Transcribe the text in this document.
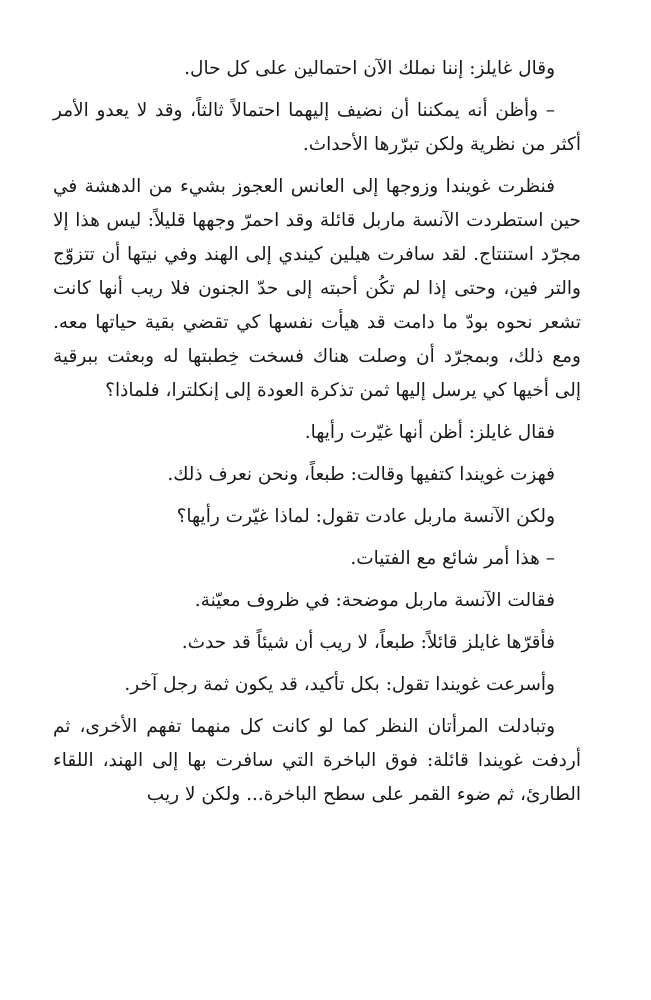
وقال غايلز: إننا نملك الآن احتمالين على كل حال.

– وأظن أنه يمكننا أن نضيف إليهما احتمالاً ثالثاً، وقد لا يعدو الأمر أكثر من نظرية ولكن تبرّرها الأحداث.

فنظرت غويندا وزوجها إلى العانس العجوز بشيء من الدهشة في حين استطردت الآنسة ماربل قائلة وقد احمرّ وجهها قليلاً: ليس هذا إلا مجرّد استنتاج. لقد سافرت هيلين كيندي إلى الهند وفي نيتها أن تتزوّج والتر فين، وحتى إذا لم تكُن أحبته إلى حدّ الجنون فلا ريب أنها كانت تشعر نحوه بودّ ما دامت قد هيأت نفسها كي تقضي بقية حياتها معه. ومع ذلك، وبمجرّد أن وصلت هناك فسخت خِطبتها له وبعثت ببرقية إلى أخيها كي يرسل إليها ثمن تذكرة العودة إلى إنكلترا، فلماذا؟

فقال غايلز: أظن أنها غيّرت رأيها.

فهزت غويندا كتفيها وقالت: طبعاً، ونحن نعرف ذلك.

ولكن الآنسة ماربل عادت تقول: لماذا غيّرت رأيها؟

– هذا أمر شائع مع الفتيات.

فقالت الآنسة ماربل موضحة: في ظروف معيّنة.

فأقرّها غايلز قائلاً: طبعاً، لا ريب أن شيئاً قد حدث.

وأسرعت غويندا تقول: بكل تأكيد، قد يكون ثمة رجل آخر.

وتبادلت المرأتان النظر كما لو كانت كل منهما تفهم الأخرى، ثم أردفت غويندا قائلة: فوق الباخرة التي سافرت بها إلى الهند، اللقاء الطارئ، ثم ضوء القمر على سطح الباخرة... ولكن لا ريب
